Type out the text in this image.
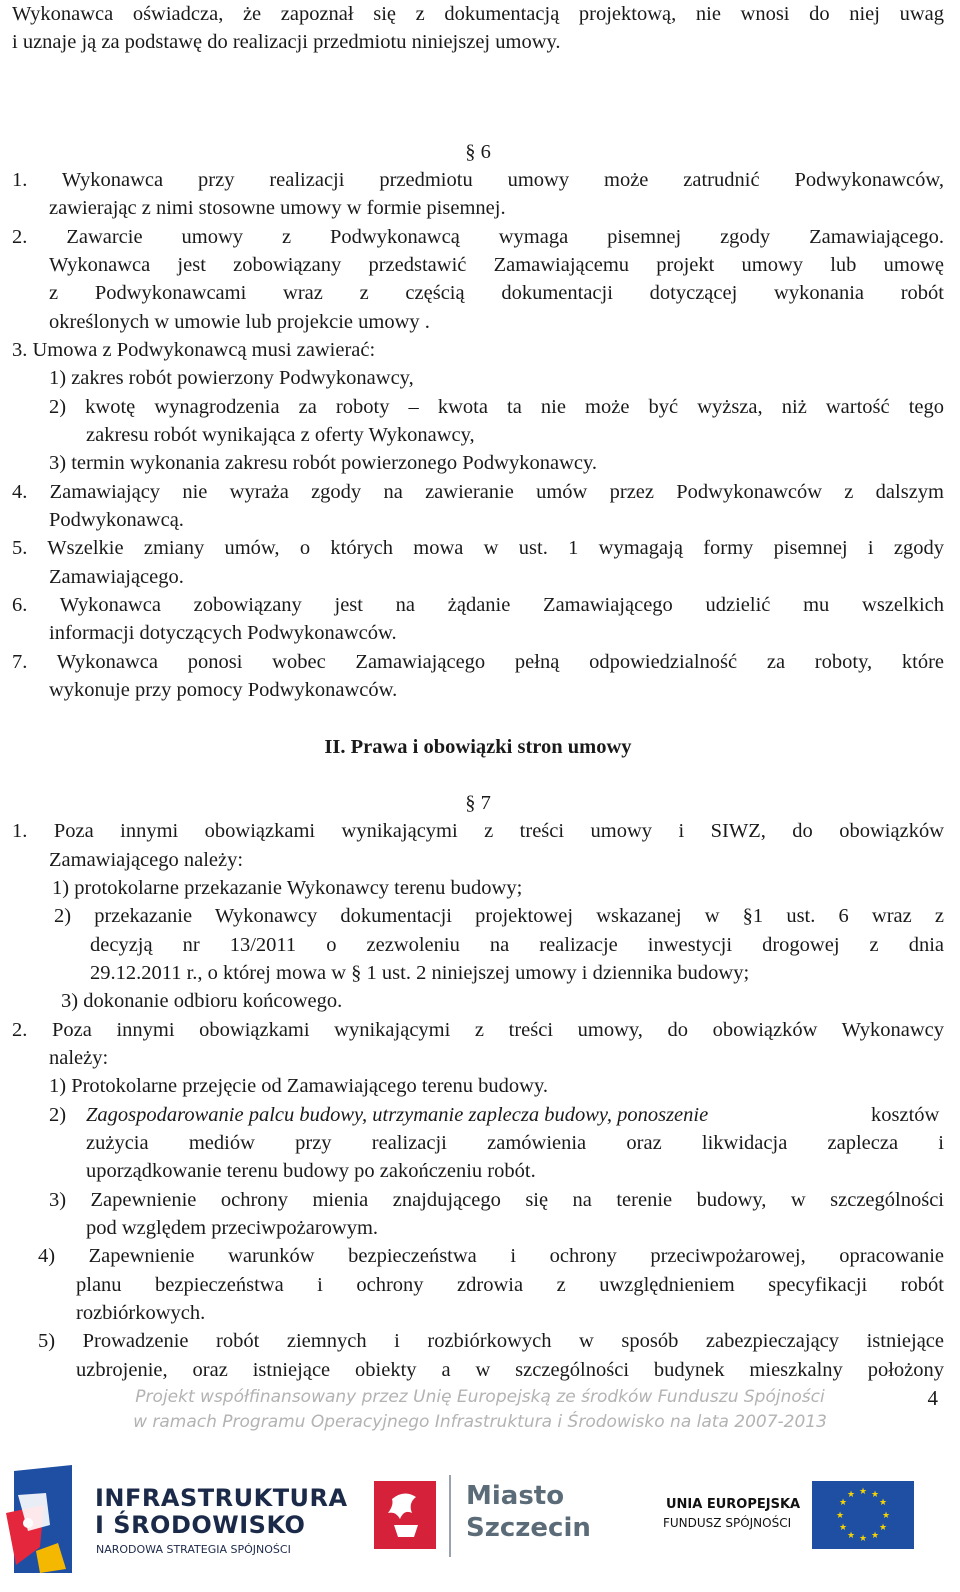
Wykonawca oświadcza, że zapoznał się z dokumentacją projektową, nie wnosi do niej uwag
i uznaje ją za podstawę do realizacji przedmiotu niniejszej umowy.
§ 6
1. Wykonawca przy realizacji przedmiotu umowy może zatrudnić Podwykonawców,
zawierając z nimi stosowne umowy w formie pisemnej.
2. Zawarcie umowy z Podwykonawcą wymaga pisemnej zgody Zamawiającego.
Wykonawca jest zobowiązany przedstawić Zamawiającemu projekt umowy lub umowę
z Podwykonawcami wraz z częścią dokumentacji dotyczącej wykonania robót
określonych w umowie lub projekcie umowy .
3. Umowa z Podwykonawcą musi zawierać:
1) zakres robót powierzony Podwykonawcy,
2) kwotę wynagrodzenia za roboty – kwota ta nie może być wyższa, niż wartość tego
zakresu robót wynikająca z oferty Wykonawcy,
3) termin wykonania zakresu robót powierzonego Podwykonawcy.
4. Zamawiający nie wyraża zgody na zawieranie umów przez Podwykonawców z dalszym
Podwykonawcą.
5. Wszelkie zmiany umów, o których mowa w ust. 1 wymagają formy pisemnej i zgody
Zamawiającego.
6. Wykonawca zobowiązany jest na żądanie Zamawiającego udzielić mu wszelkich
informacji dotyczących Podwykonawców.
7. Wykonawca ponosi wobec Zamawiającego pełną odpowiedzialność za roboty, które
wykonuje przy pomocy Podwykonawców.
II. Prawa i obowiązki stron umowy
§ 7
1. Poza innymi obowiązkami wynikającymi z treści umowy i SIWZ, do obowiązków
Zamawiającego należy:
1) protokolarne przekazanie Wykonawcy terenu budowy;
2) przekazanie Wykonawcy dokumentacji projektowej wskazanej w §1 ust. 6 wraz z
decyzją nr 13/2011 o zezwoleniu na realizacje inwestycji drogowej z dnia
29.12.2011 r., o której mowa w § 1 ust. 2 niniejszej umowy i dziennika budowy;
3) dokonanie odbioru końcowego.
2. Poza innymi obowiązkami wynikającymi z treści umowy, do obowiązków Wykonawcy
należy:
1) Protokolarne przejęcie od Zamawiającego terenu budowy.
2) Zagospodarowanie palcu budowy, utrzymanie zaplecza budowy, ponoszenie	kosztów
zużycia mediów przy realizacji zamówienia oraz likwidacja zaplecza i
uporządkowanie terenu budowy po zakończeniu robót.
3) Zapewnienie ochrony mienia znajdującego się na terenie budowy, w szczególności
pod względem przeciwpożarowym.
4) Zapewnienie warunków bezpieczeństwa i ochrony przeciwpożarowej, opracowanie
planu bezpieczeństwa i ochrony zdrowia z uwzględnieniem specyfikacji robót
rozbiórkowych.
5) Prowadzenie robót ziemnych i rozbiórkowych w sposób zabezpieczający istniejące
uzbrojenie, oraz istniejące obiekty a w szczególności budynek mieszkalny położony
Projekt współfinansowany przez Unię Europejską ze środków Funduszu Spójności
w ramach Programu Operacyjnego Infrastruktura i Środowisko na lata 2007-2013
4
INFRASTRUKTURA
I ŚRODOWISKO
NARODOWA STRATEGIA SPÓJNOŚCI
Miasto
Szczecin
UNIA EUROPEJSKA
FUNDUSZ SPÓJNOŚCI
★ ★
★
★
★
★
★
★
★
★
★
★
